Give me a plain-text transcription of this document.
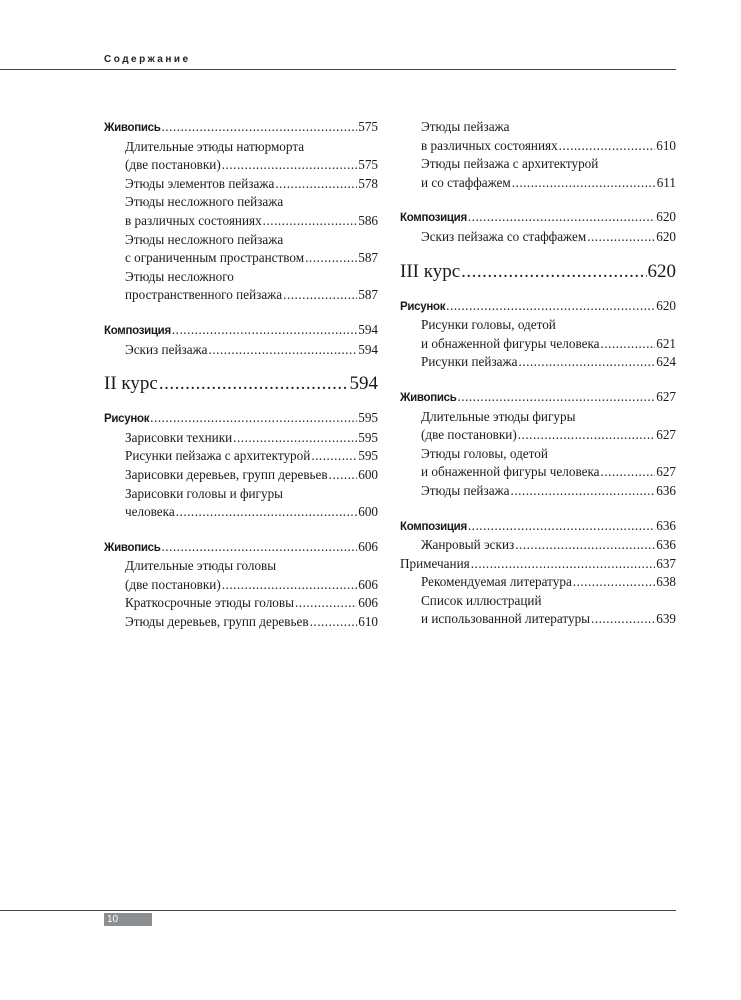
Содержание
Живопись .....	575
Длительные этюды натюрморта
(две постановки) .....	575
Этюды элементов пейзажа .....	578
Этюды несложного пейзажа
в различных состояниях .....	586
Этюды несложного пейзажа
с ограниченным пространством .....	587
Этюды несложного
пространственного пейзажа .....	587
Композиция .....	594
Эскиз пейзажа .....	594
II курс .....	594
Рисунок .....	595
Зарисовки техники .....	595
Рисунки пейзажа с архитектурой .....	595
Зарисовки деревьев, групп деревьев ..... 600
Зарисовки головы и фигуры
человека .....	600
Живопись .....	606
Длительные этюды головы
(две постановки) .....	606
Краткосрочные этюды головы .....	606
Этюды деревьев, групп деревьев .....	610
Этюды пейзажа
в различных состояниях .....	610
Этюды пейзажа с архитектурой
и со стаффажем .....	611
Композиция .....	620
Эскиз пейзажа со стаффажем .....	620
III курс .....	620
Рисунок .....	620
Рисунки головы, одетой
и обнаженной фигуры человека .....	621
Рисунки пейзажа .....	624
Живопись .....	627
Длительные этюды фигуры
(две постановки) .....	627
Этюды головы, одетой
и обнаженной фигуры человека .....	627
Этюды пейзажа .....	636
Композиция .....	636
Жанровый эскиз .....	636
Примечания .....	637
Рекомендуемая литература .....	638
Список иллюстраций
и использованной литературы .....	639
10
